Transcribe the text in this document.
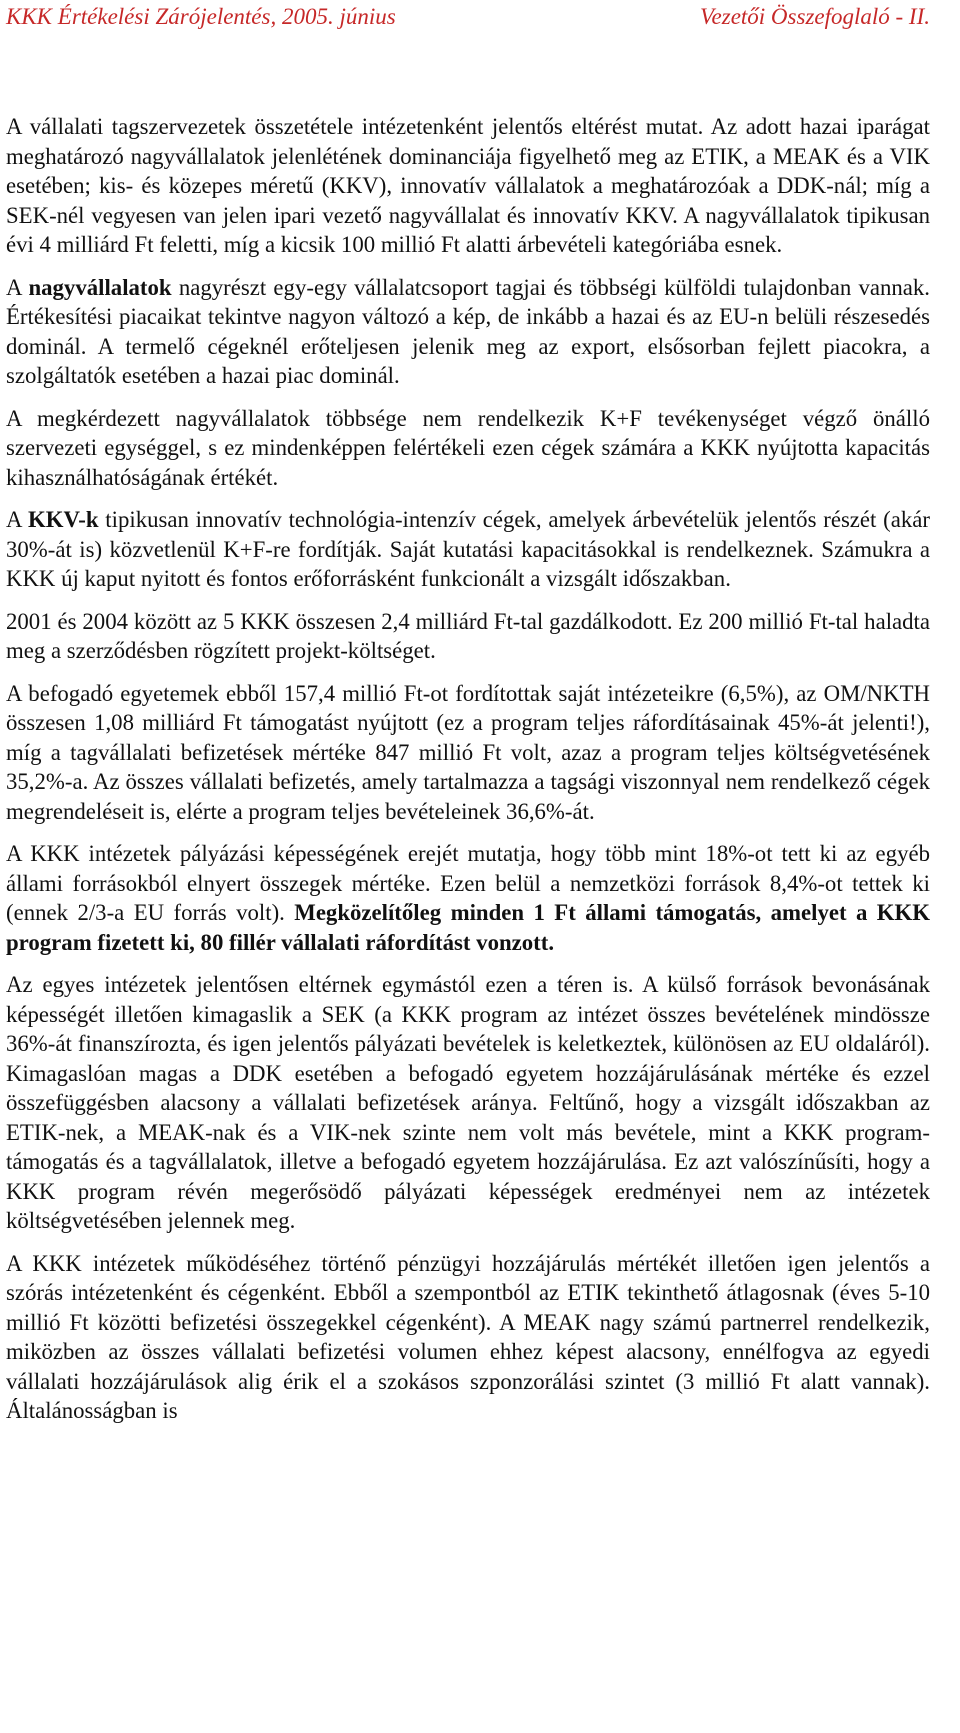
KKK Értékelési Zárójelentés, 2005. június	Vezetői Összefoglaló - II.

A vállalati tagszervezetek összetétele intézetenként jelentős eltérést mutat. Az adott hazai iparágat meghatározó nagyvállalatok jelenlétének dominanciája figyelhető meg az ETIK, a MEAK és a VIK esetében; kis- és közepes méretű (KKV), innovatív vállalatok a meghatározóak a DDK-nál; míg a SEK-nél vegyesen van jelen ipari vezető nagyvállalat és innovatív KKV. A nagyvállalatok tipikusan évi 4 milliárd Ft feletti, míg a kicsik 100 millió Ft alatti árbevételi kategóriába esnek.

A nagyvállalatok nagyrészt egy-egy vállalatcsoport tagjai és többségi külföldi tulajdonban vannak. Értékesítési piacaikat tekintve nagyon változó a kép, de inkább a hazai és az EU-n belüli részesedés dominál. A termelő cégeknél erőteljesen jelenik meg az export, elsősorban fejlett piacokra, a szolgáltatók esetében a hazai piac dominál.

A megkérdezett nagyvállalatok többsége nem rendelkezik K+F tevékenységet végző önálló szervezeti egységgel, s ez mindenképpen felértékeli ezen cégek számára a KKK nyújtotta kapacitás kihasználhatóságának értékét.

A KKV-k tipikusan innovatív technológia-intenzív cégek, amelyek árbevételük jelentős részét (akár 30%-át is) közvetlenül K+F-re fordítják. Saját kutatási kapacitásokkal is rendelkeznek. Számukra a KKK új kaput nyitott és fontos erőforrásként funkcionált a vizsgált időszakban.

2001 és 2004 között az 5 KKK összesen 2,4 milliárd Ft-tal gazdálkodott. Ez 200 millió Ft-tal haladta meg a szerződésben rögzített projekt-költséget.

A befogadó egyetemek ebből 157,4 millió Ft-ot fordítottak saját intézeteikre (6,5%), az OM/NKTH összesen 1,08 milliárd Ft támogatást nyújtott (ez a program teljes ráfordításainak 45%-át jelenti!), míg a tagvállalati befizetések mértéke 847 millió Ft volt, azaz a program teljes költségvetésének 35,2%-a. Az összes vállalati befizetés, amely tartalmazza a tagsági viszonnyal nem rendelkező cégek megrendeléseit is, elérte a program teljes bevételeinek 36,6%-át.

A KKK intézetek pályázási képességének erejét mutatja, hogy több mint 18%-ot tett ki az egyéb állami forrásokból elnyert összegek mértéke. Ezen belül a nemzetközi források 8,4%-ot tettek ki (ennek 2/3-a EU forrás volt). Megközelítőleg minden 1 Ft állami támogatás, amelyet a KKK program fizetett ki, 80 fillér vállalati ráfordítást vonzott.

Az egyes intézetek jelentősen eltérnek egymástól ezen a téren is. A külső források bevonásának képességét illetően kimagaslik a SEK (a KKK program az intézet összes bevételének mindössze 36%-át finanszírozta, és igen jelentős pályázati bevételek is keletkeztek, különösen az EU oldaláról). Kimagaslóan magas a DDK esetében a befogadó egyetem hozzájárulásának mértéke és ezzel összefüggésben alacsony a vállalati befizetések aránya. Feltűnő, hogy a vizsgált időszakban az ETIK-nek, a MEAK-nak és a VIK-nek szinte nem volt más bevétele, mint a KKK program-támogatás és a tagvállalatok, illetve a befogadó egyetem hozzájárulása. Ez azt valószínűsíti, hogy a KKK program révén megerősödő pályázati képességek eredményei nem az intézetek költségvetésében jelennek meg.

A KKK intézetek működéséhez történő pénzügyi hozzájárulás mértékét illetően igen jelentős a szórás intézetenként és cégenként. Ebből a szempontból az ETIK tekinthető átlagosnak (éves 5-10 millió Ft közötti befizetési összegekkel cégenként). A MEAK nagy számú partnerrel rendelkezik, miközben az összes vállalati befizetési volumen ehhez képest alacsony, ennélfogva az egyedi vállalati hozzájárulások alig érik el a szokásos szponzorálási szintet (3 millió Ft alatt vannak). Általánosságban is
